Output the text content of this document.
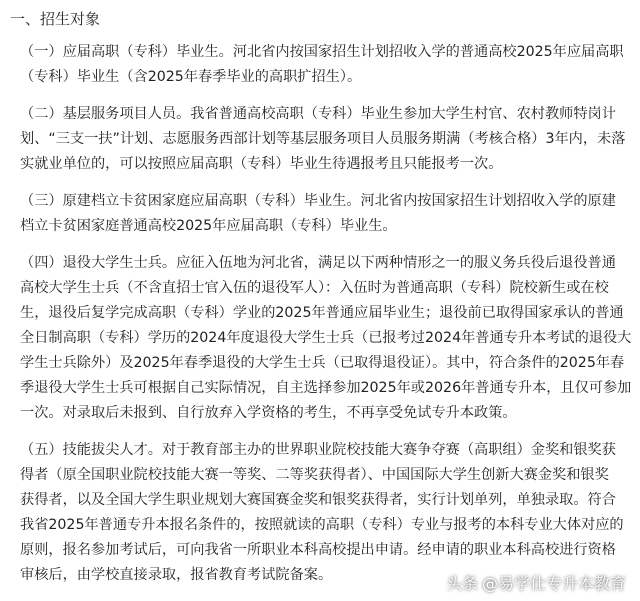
一、招生对象
（一）应届高职（专科）毕业生。河北省内按国家招生计划招收入学的普通高校2025年应届高职
（专科）毕业生（含2025年春季毕业的高职扩招生）。
（二）基层服务项目人员。我省普通高校高职（专科）毕业生参加大学生村官、农村教师特岗计
划、“三支一扶”计划、志愿服务西部计划等基层服务项目人员服务期满（考核合格）3年内，未落
实就业单位的，可以按照应届高职（专科）毕业生待遇报考且只能报考一次。
（三）原建档立卡贫困家庭应届高职（专科）毕业生。河北省内按国家招生计划招收入学的原建
档立卡贫困家庭普通高校2025年应届高职（专科）毕业生。
（四）退役大学生士兵。应征入伍地为河北省，满足以下两种情形之一的服义务兵役后退役普通
高校大学生士兵（不含直招士官入伍的退役军人）：入伍时为普通高职（专科）院校新生或在校
生，退役后复学完成高职（专科）学业的2025年普通应届毕业生；退役前已取得国家承认的普通
全日制高职（专科）学历的2024年度退役大学生士兵（已报考过2024年普通专升本考试的退役大
学生士兵除外）及2025年春季退役的大学生士兵（已取得退役证）。其中，符合条件的2025年春
季退役大学生士兵可根据自己实际情况，自主选择参加2025年或2026年普通专升本，且仅可参加
一次。对录取后未报到、自行放弃入学资格的考生，不再享受免试专升本政策。
（五）技能拔尖人才。对于教育部主办的世界职业院校技能大赛争夺赛（高职组）金奖和银奖获
得者（原全国职业院校技能大赛一等奖、二等奖获得者）、中国国际大学生创新大赛金奖和银奖
获得者，以及全国大学生职业规划大赛国赛金奖和银奖获得者，实行计划单列，单独录取。符合
我省2025年普通专升本报名条件的，按照就读的高职（专科）专业与报考的本科专业大体对应的
原则，报名参加考试后，可向我省一所职业本科高校提出申请。经申请的职业本科高校进行资格
审核后，由学校直接录取，报省教育考试院备案。	头条 @易学仕专升本教育
